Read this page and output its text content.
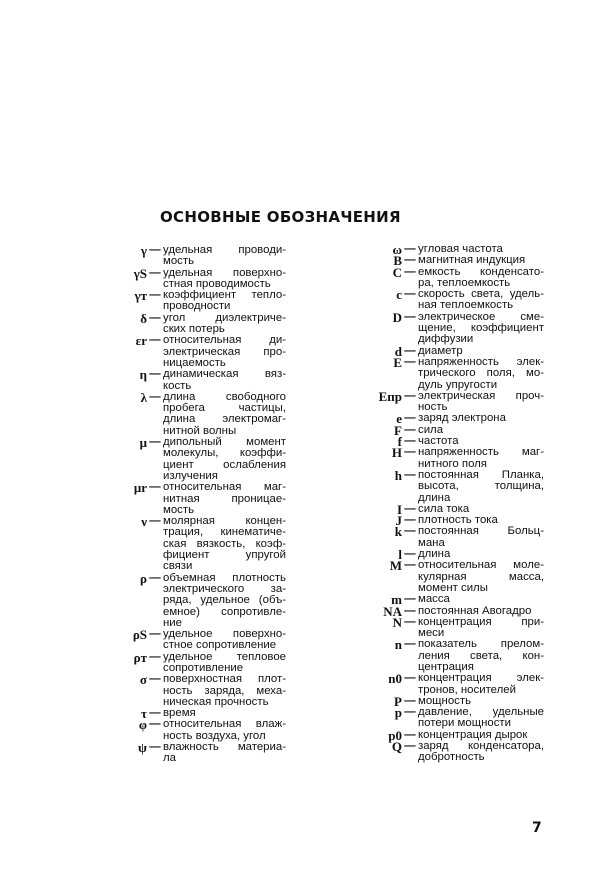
ОСНОВНЫЕ ОБОЗНАЧЕНИЯ
γ — удельная проводи-
мость
γS — удельная поверхно-
стная проводимость
γт — коэффициент тепло-
проводности
δ — угол диэлектриче-
ских потерь
εr — относительная ди-
электрическая про-
ницаемость
η — динамическая вяз-
кость
λ — длина свободного
пробега частицы,
длина электромаг-
нитной волны
μ — дипольный момент
молекулы, коэффи-
циент ослабления
излучения
μr — относительная маг-
нитная проницае-
мость
ν — молярная концен-
трация, кинематиче-
ская вязкость, коэф-
фициент упругой
связи
ρ — объемная плотность
электрического за-
ряда, удельное (объ-
емное) сопротивле-
ние
ρS — удельное поверхно-
стное сопротивление
ρт — удельное тепловое
сопротивление
σ — поверхностная плот-
ность заряда, меха-
ническая прочность
τ — время
φ — относительная влаж-
ность воздуха, угол
ψ — влажность материа-
ла
ω — угловая частота
B — магнитная индукция
C — емкость конденсато-
ра, теплоемкость
c — скорость света, удель-
ная теплоемкость
D — электрическое сме-
щение, коэффициент
диффузии
d — диаметр
E — напряженность элек-
трического поля, мо-
дуль упругости
Eпр — электрическая проч-
ность
e — заряд электрона
F — сила
f — частота
H — напряженность маг-
нитного поля
h — постоянная Планка,
высота, толщина,
длина
I — сила тока
J — плотность тока
k — постоянная Больц-
мана
l — длина
M — относительная моле-
кулярная масса,
момент силы
m — масса
NA — постоянная Авогадро
N — концентрация при-
меси
n — показатель прелом-
ления света, кон-
центрация
n0 — концентрация элек-
тронов, носителей
P — мощность
p — давление, удельные
потери мощности
p0 — концентрация дырок
Q — заряд конденсатора,
добротность
7
